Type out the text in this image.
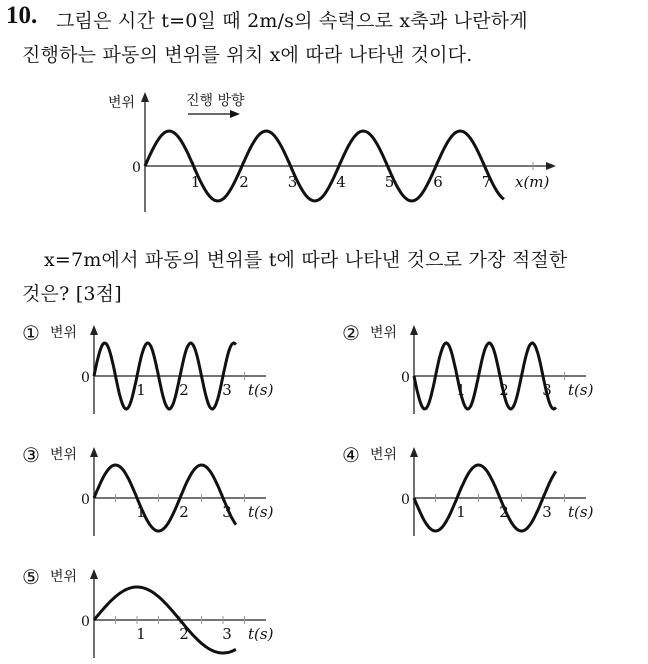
10. 그림은 시간 t=0일 때 2m/s의 속력으로 x축과 나란하게
진행하는 파동의 변위를 위치 x에 따라 나타낸 것이다.
x=7m에서 파동의 변위를 t에 따라 나타낸 것으로 가장 적절한
것은? [3점]
변위
0
x(m)
진행 방향
1	2	3	4	5	6	7
① 변위
0
1 2 3 t(s)
② 변위
0
1 2 3 t(s)
③ 변위
0
1 2 3 t(s)
④ 변위
0
1 2 3 t(s)
⑤ 변위
0
1 2 3 t(s)
